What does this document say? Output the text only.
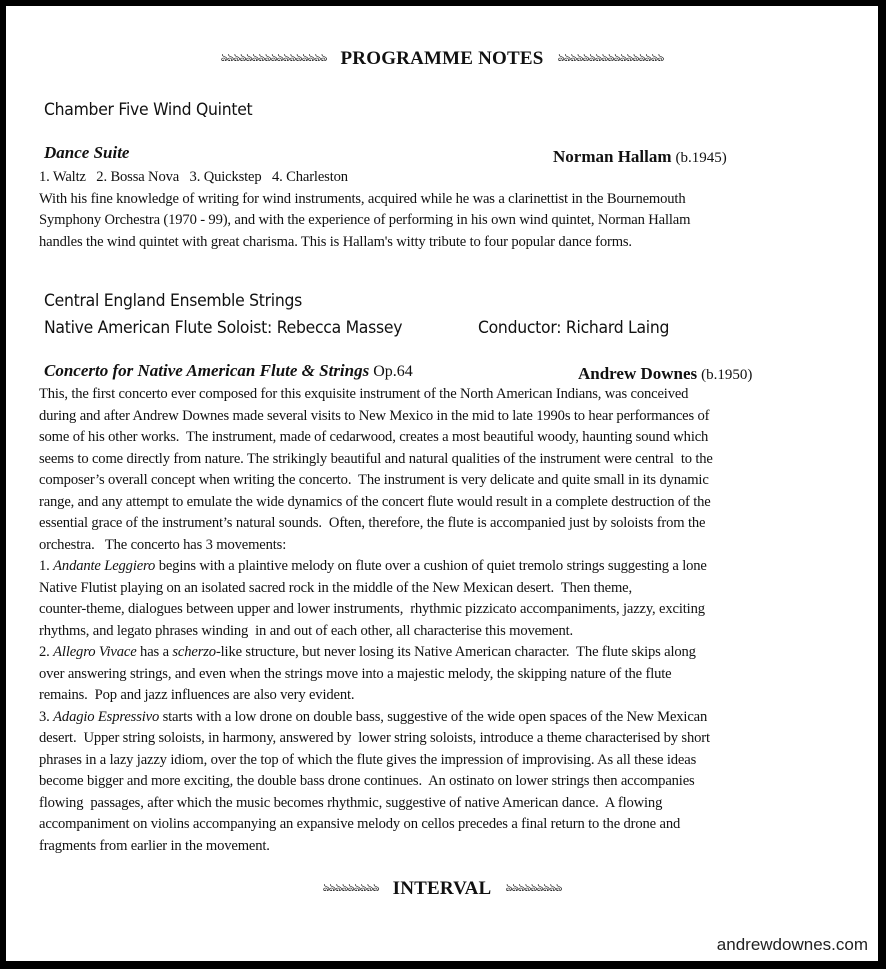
ঌঌঌঌঌঌঌঌঌঌঌঌঌঌঌঌঌ PROGRAMME NOTES ঌঌঌঌঌঌঌঌঌঌঌঌঌঌঌঌঌ
Chamber Five Wind Quintet
Dance Suite	Norman Hallam (b.1945)

1. Waltz   2. Bossa Nova   3. Quickstep   4. Charleston

With his fine knowledge of writing for wind instruments, acquired while he was a clarinettist in the Bournemouth

Symphony Orchestra (1970 - 99), and with the experience of performing in his own wind quintet, Norman Hallam

handles the wind quintet with great charisma. This is Hallam's witty tribute to four popular dance forms.

Central England Ensemble Strings
Native American Flute Soloist: Rebecca Massey	Conductor: Richard Laing
Concerto for Native American Flute & Strings Op.64	Andrew Downes (b.1950)

This, the first concerto ever composed for this exquisite instrument of the North American Indians, was conceived

during and after Andrew Downes made several visits to New Mexico in the mid to late 1990s to hear performances of

some of his other works.  The instrument, made of cedarwood, creates a most beautiful woody, haunting sound which

seems to come directly from nature. The strikingly beautiful and natural qualities of the instrument were central  to the

composer’s overall concept when writing the concerto.  The instrument is very delicate and quite small in its dynamic

range, and any attempt to emulate the wide dynamics of the concert flute would result in a complete destruction of the

essential grace of the instrument’s natural sounds.  Often, therefore, the flute is accompanied just by soloists from the

orchestra.   The concerto has 3 movements:

1. Andante Leggiero begins with a plaintive melody on flute over a cushion of quiet tremolo strings suggesting a lone

Native Flutist playing on an isolated sacred rock in the middle of the New Mexican desert.  Then theme,

counter-theme, dialogues between upper and lower instruments,  rhythmic pizzicato accompaniments, jazzy, exciting

rhythms, and legato phrases winding  in and out of each other, all characterise this movement.

2. Allegro Vivace has a scherzo-like structure, but never losing its Native American character.  The flute skips along

over answering strings, and even when the strings move into a majestic melody, the skipping nature of the flute

remains.  Pop and jazz influences are also very evident.

3. Adagio Espressivo starts with a low drone on double bass, suggestive of the wide open spaces of the New Mexican

desert.  Upper string soloists, in harmony, answered by  lower string soloists, introduce a theme characterised by short

phrases in a lazy jazzy idiom, over the top of which the flute gives the impression of improvising. As all these ideas

become bigger and more exciting, the double bass drone continues.  An ostinato on lower strings then accompanies

flowing  passages, after which the music becomes rhythmic, suggestive of native American dance.  A flowing

accompaniment on violins accompanying an expansive melody on cellos precedes a final return to the drone and

fragments from earlier in the movement.

ঌঌঌঌঌঌঌঌঌ INTERVAL ঌঌঌঌঌঌঌঌঌ
andrewdownes.com
